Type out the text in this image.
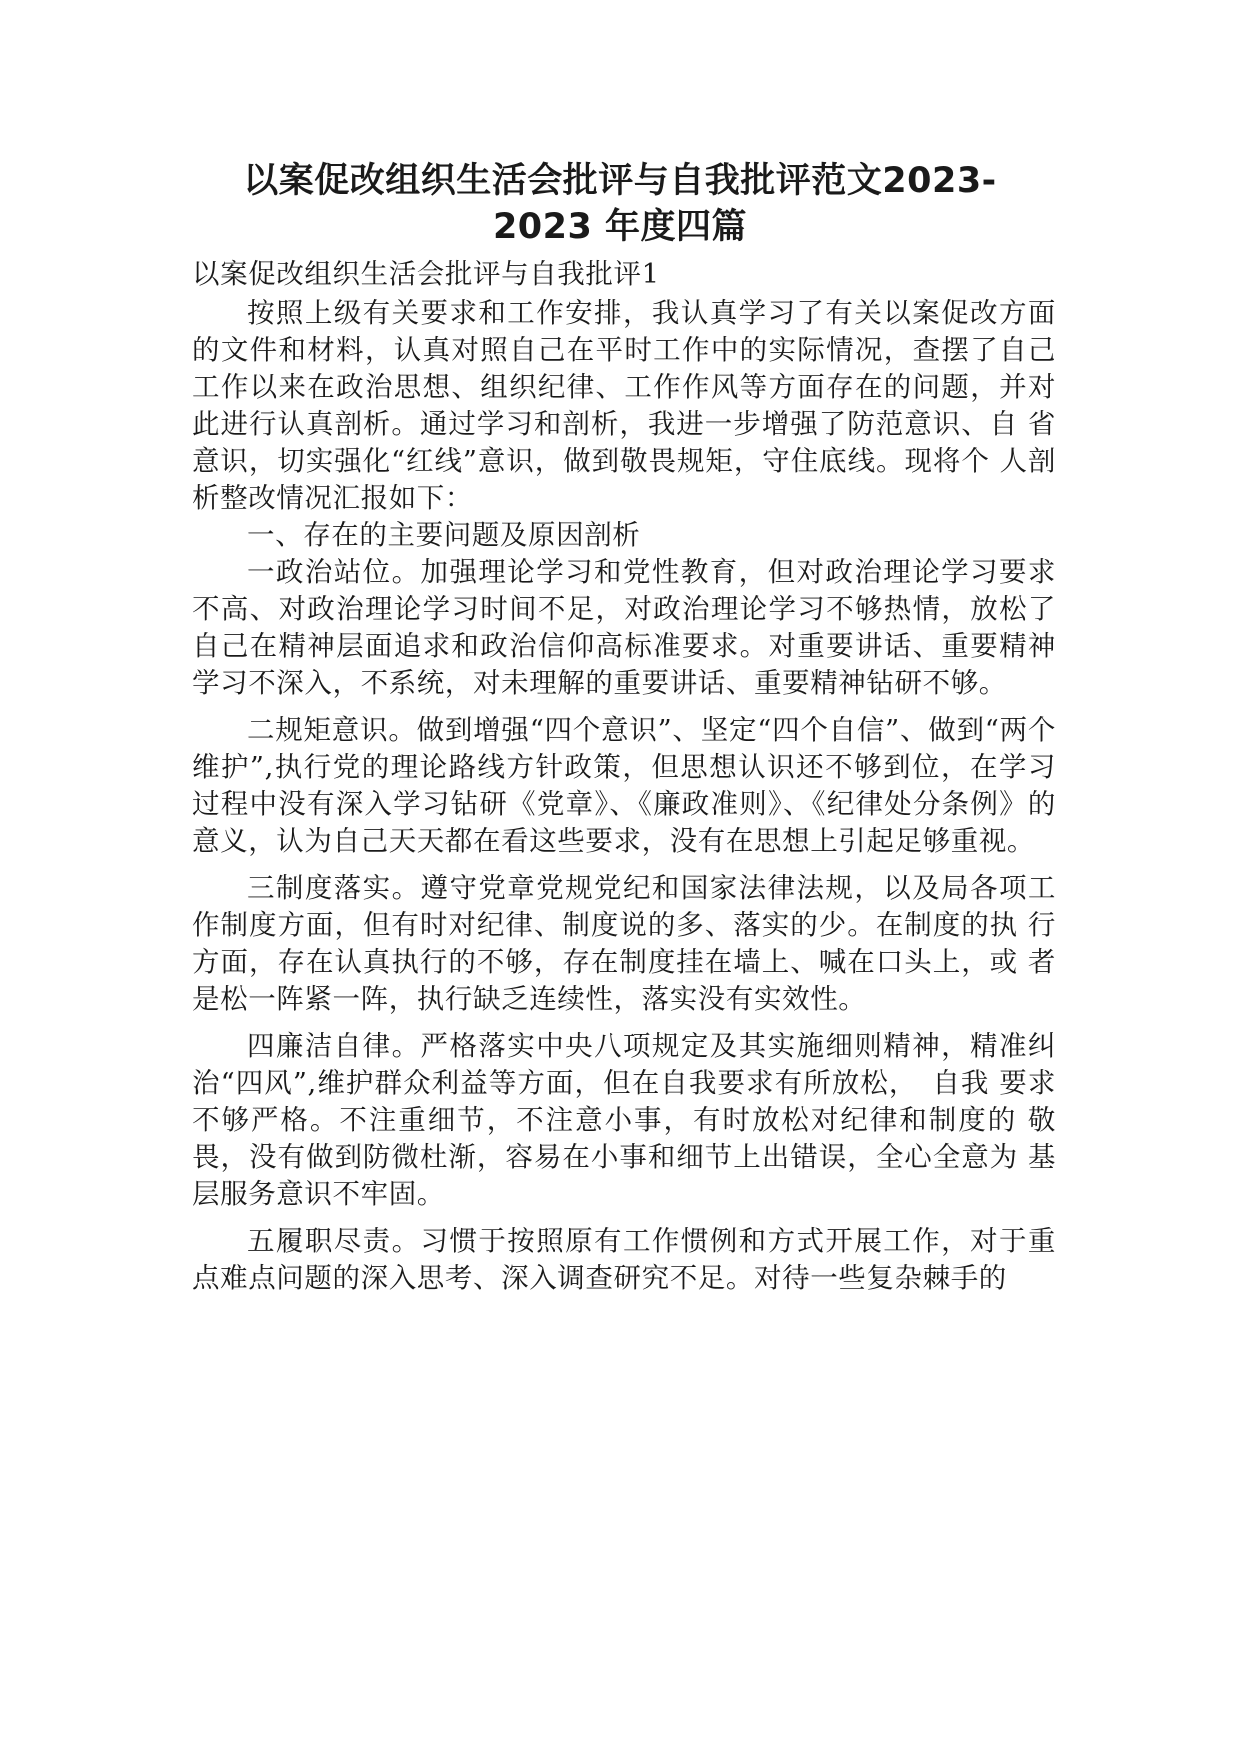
以案促改组织生活会批评与自我批评范文2023-
2023 年度四篇

以案促改组织生活会批评与自我批评1

按照上级有关要求和工作安排，我认真学习了有关以案促改方面的文件和材料，认真对照自己在平时工作中的实际情况，查摆了自己工作以来在政治思想、组织纪律、工作作风等方面存在的问题，并对此进行认真剖析。通过学习和剖析，我进一步增强了防范意识、自 省意识，切实强化“红线”意识，做到敬畏规矩，守住底线。现将个 人剖析整改情况汇报如下：

一、存在的主要问题及原因剖析

一政治站位。加强理论学习和党性教育，但对政治理论学习要求 不高、对政治理论学习时间不足，对政治理论学习不够热情，放松了 自己在精神层面追求和政治信仰高标准要求。对重要讲话、重要精神 学习不深入，不系统，对未理解的重要讲话、重要精神钻研不够。

二规矩意识。做到增强“四个意识”、坚定“四个自信”、做到“两个维护”,执行党的理论路线方针政策，但思想认识还不够到位，在学习过程中没有深入学习钻研《党章》、《廉政准则》、《纪律处分条例》的意义，认为自己天天都在看这些要求，没有在思想上引起足够重视。

三制度落实。遵守党章党规党纪和国家法律法规，以及局各项工作制度方面，但有时对纪律、制度说的多、落实的少。在制度的执 行方面，存在认真执行的不够，存在制度挂在墙上、喊在口头上，或 者是松一阵紧一阵，执行缺乏连续性，落实没有实效性。

四廉洁自律。严格落实中央八项规定及其实施细则精神，精准纠治“四风”,维护群众利益等方面，但在自我要求有所放松，　自我 要求不够严格。不注重细节，不注意小事，有时放松对纪律和制度的 敬畏，没有做到防微杜渐，容易在小事和细节上出错误，全心全意为 基层服务意识不牢固。

五履职尽责。习惯于按照原有工作惯例和方式开展工作，对于重点难点问题的深入思考、深入调查研究不足。对待一些复杂棘手的
